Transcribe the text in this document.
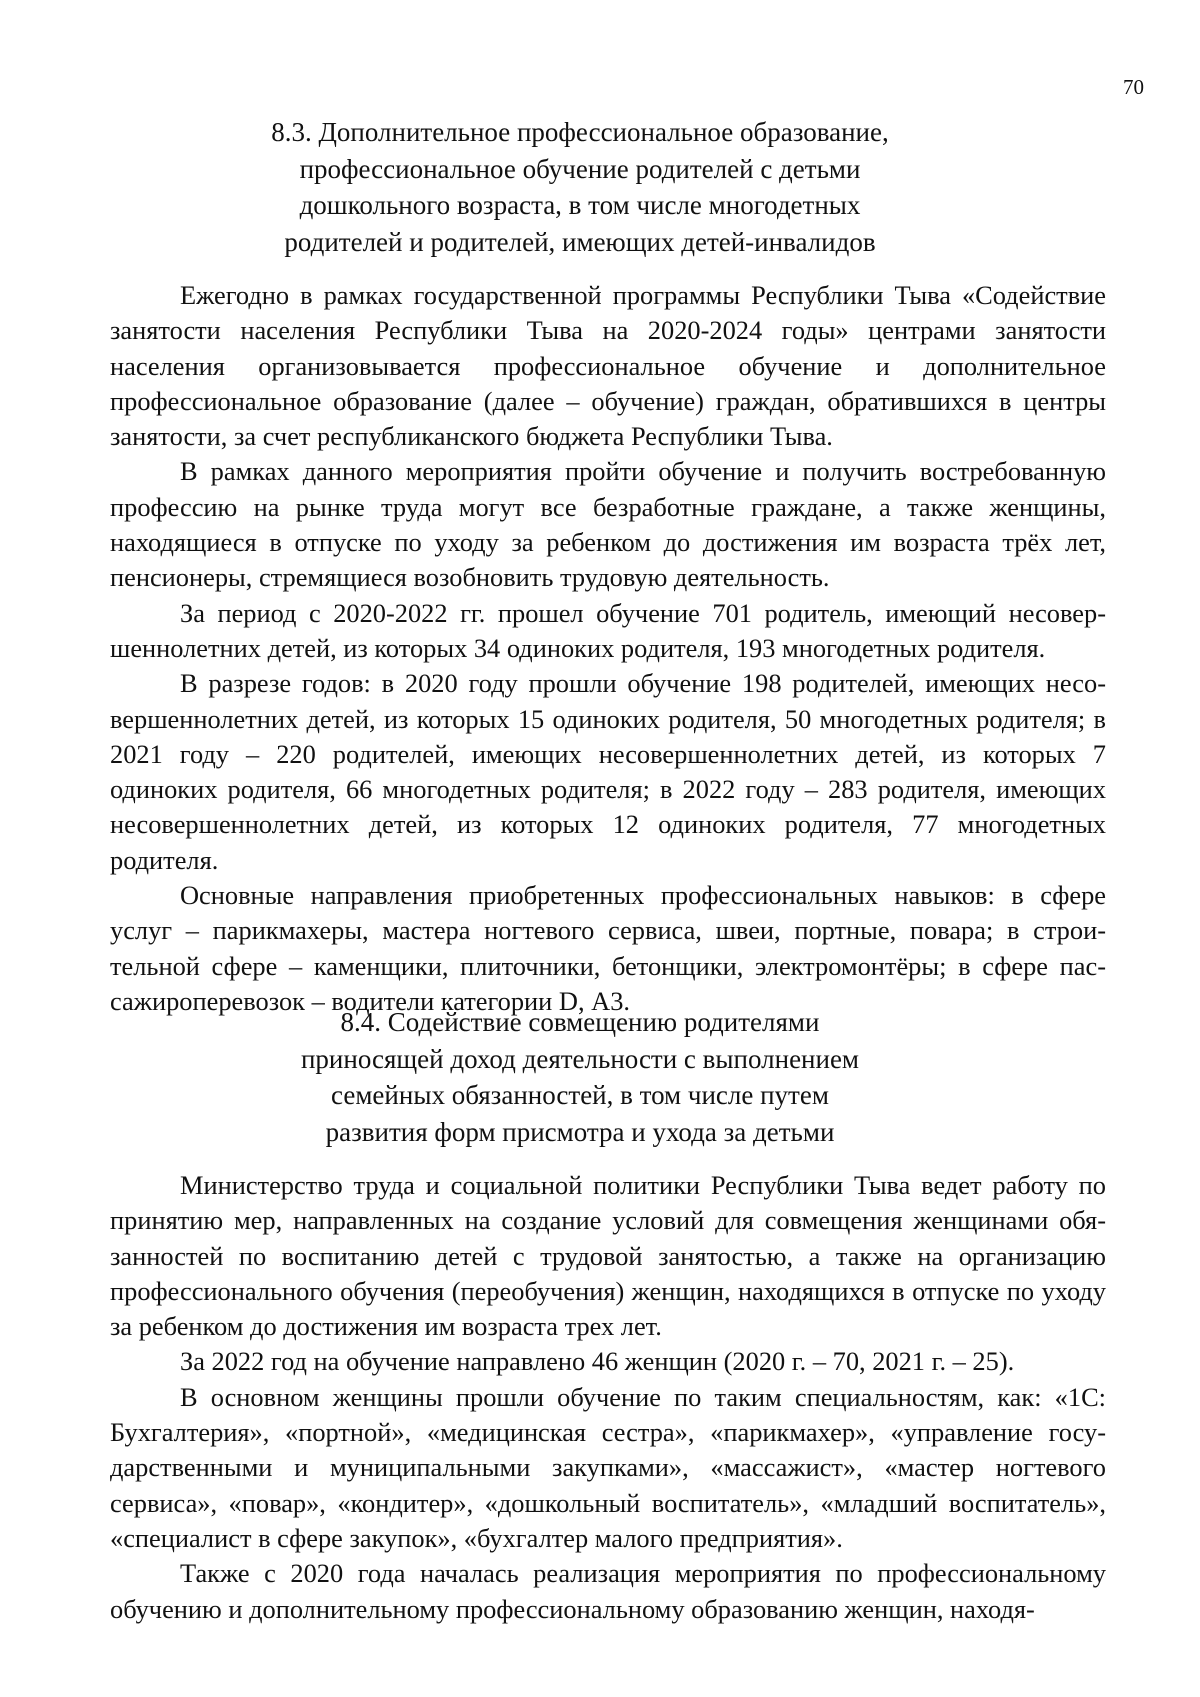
70
8.3. Дополнительное профессиональное образование,
профессиональное обучение родителей с детьми
дошкольного возраста, в том числе многодетных
родителей и родителей, имеющих детей-инвалидов

Ежегодно в рамках государственной программы Республики Тыва «Содействие занятости населения Республики Тыва на 2020-2024 годы» центрами занятости населения организовывается профессиональное обучение и дополнительное профессиональное образование (далее – обучение) граждан, обратившихся в центры занятости, за счет республиканского бюджета Республики Тыва.

В рамках данного мероприятия пройти обучение и получить востребованную профессию на рынке труда могут все безработные граждане, а также женщины, находящиеся в отпуске по уходу за ребенком до достижения им возраста трёх лет, пенсионеры, стремящиеся возобновить трудовую деятельность.

За период с 2020-2022 гг. прошел обучение 701 родитель, имеющий несовершеннолетних детей, из которых 34 одиноких родителя, 193 многодетных родителя.

В разрезе годов: в 2020 году прошли обучение 198 родителей, имеющих несовершеннолетних детей, из которых 15 одиноких родителя, 50 многодетных родителя; в 2021 году – 220 родителей, имеющих несовершеннолетних детей, из которых 7 одиноких родителя, 66 многодетных родителя; в 2022 году – 283 родителя, имеющих несовершеннолетних детей, из которых 12 одиноких родителя, 77 многодетных родителя.

Основные направления приобретенных профессиональных навыков: в сфере услуг – парикмахеры, мастера ногтевого сервиса, швеи, портные, повара; в строительной сфере – каменщики, плиточники, бетонщики, электромонтёры; в сфере пассажироперевозок – водители категории D, А3.

8.4. Содействие совмещению родителями
приносящей доход деятельности с выполнением
семейных обязанностей, в том числе путем
развития форм присмотра и ухода за детьми

Министерство труда и социальной политики Республики Тыва ведет работу по принятию мер, направленных на создание условий для совмещения женщинами обязанностей по воспитанию детей с трудовой занятостью, а также на организацию профессионального обучения (переобучения) женщин, находящихся в отпуске по уходу за ребенком до достижения им возраста трех лет.

За 2022 год на обучение направлено 46 женщин (2020 г. – 70, 2021 г. – 25).

В основном женщины прошли обучение по таким специальностям, как: «1С: Бухгалтерия», «портной», «медицинская сестра», «парикмахер», «управление государственными и муниципальными закупками», «массажист», «мастер ногтевого сервиса», «повар», «кондитер», «дошкольный воспитатель», «младший воспитатель», «специалист в сфере закупок», «бухгалтер малого предприятия».

Также с 2020 года началась реализация мероприятия по профессиональному обучению и дополнительному профессиональному образованию женщин, находя-
